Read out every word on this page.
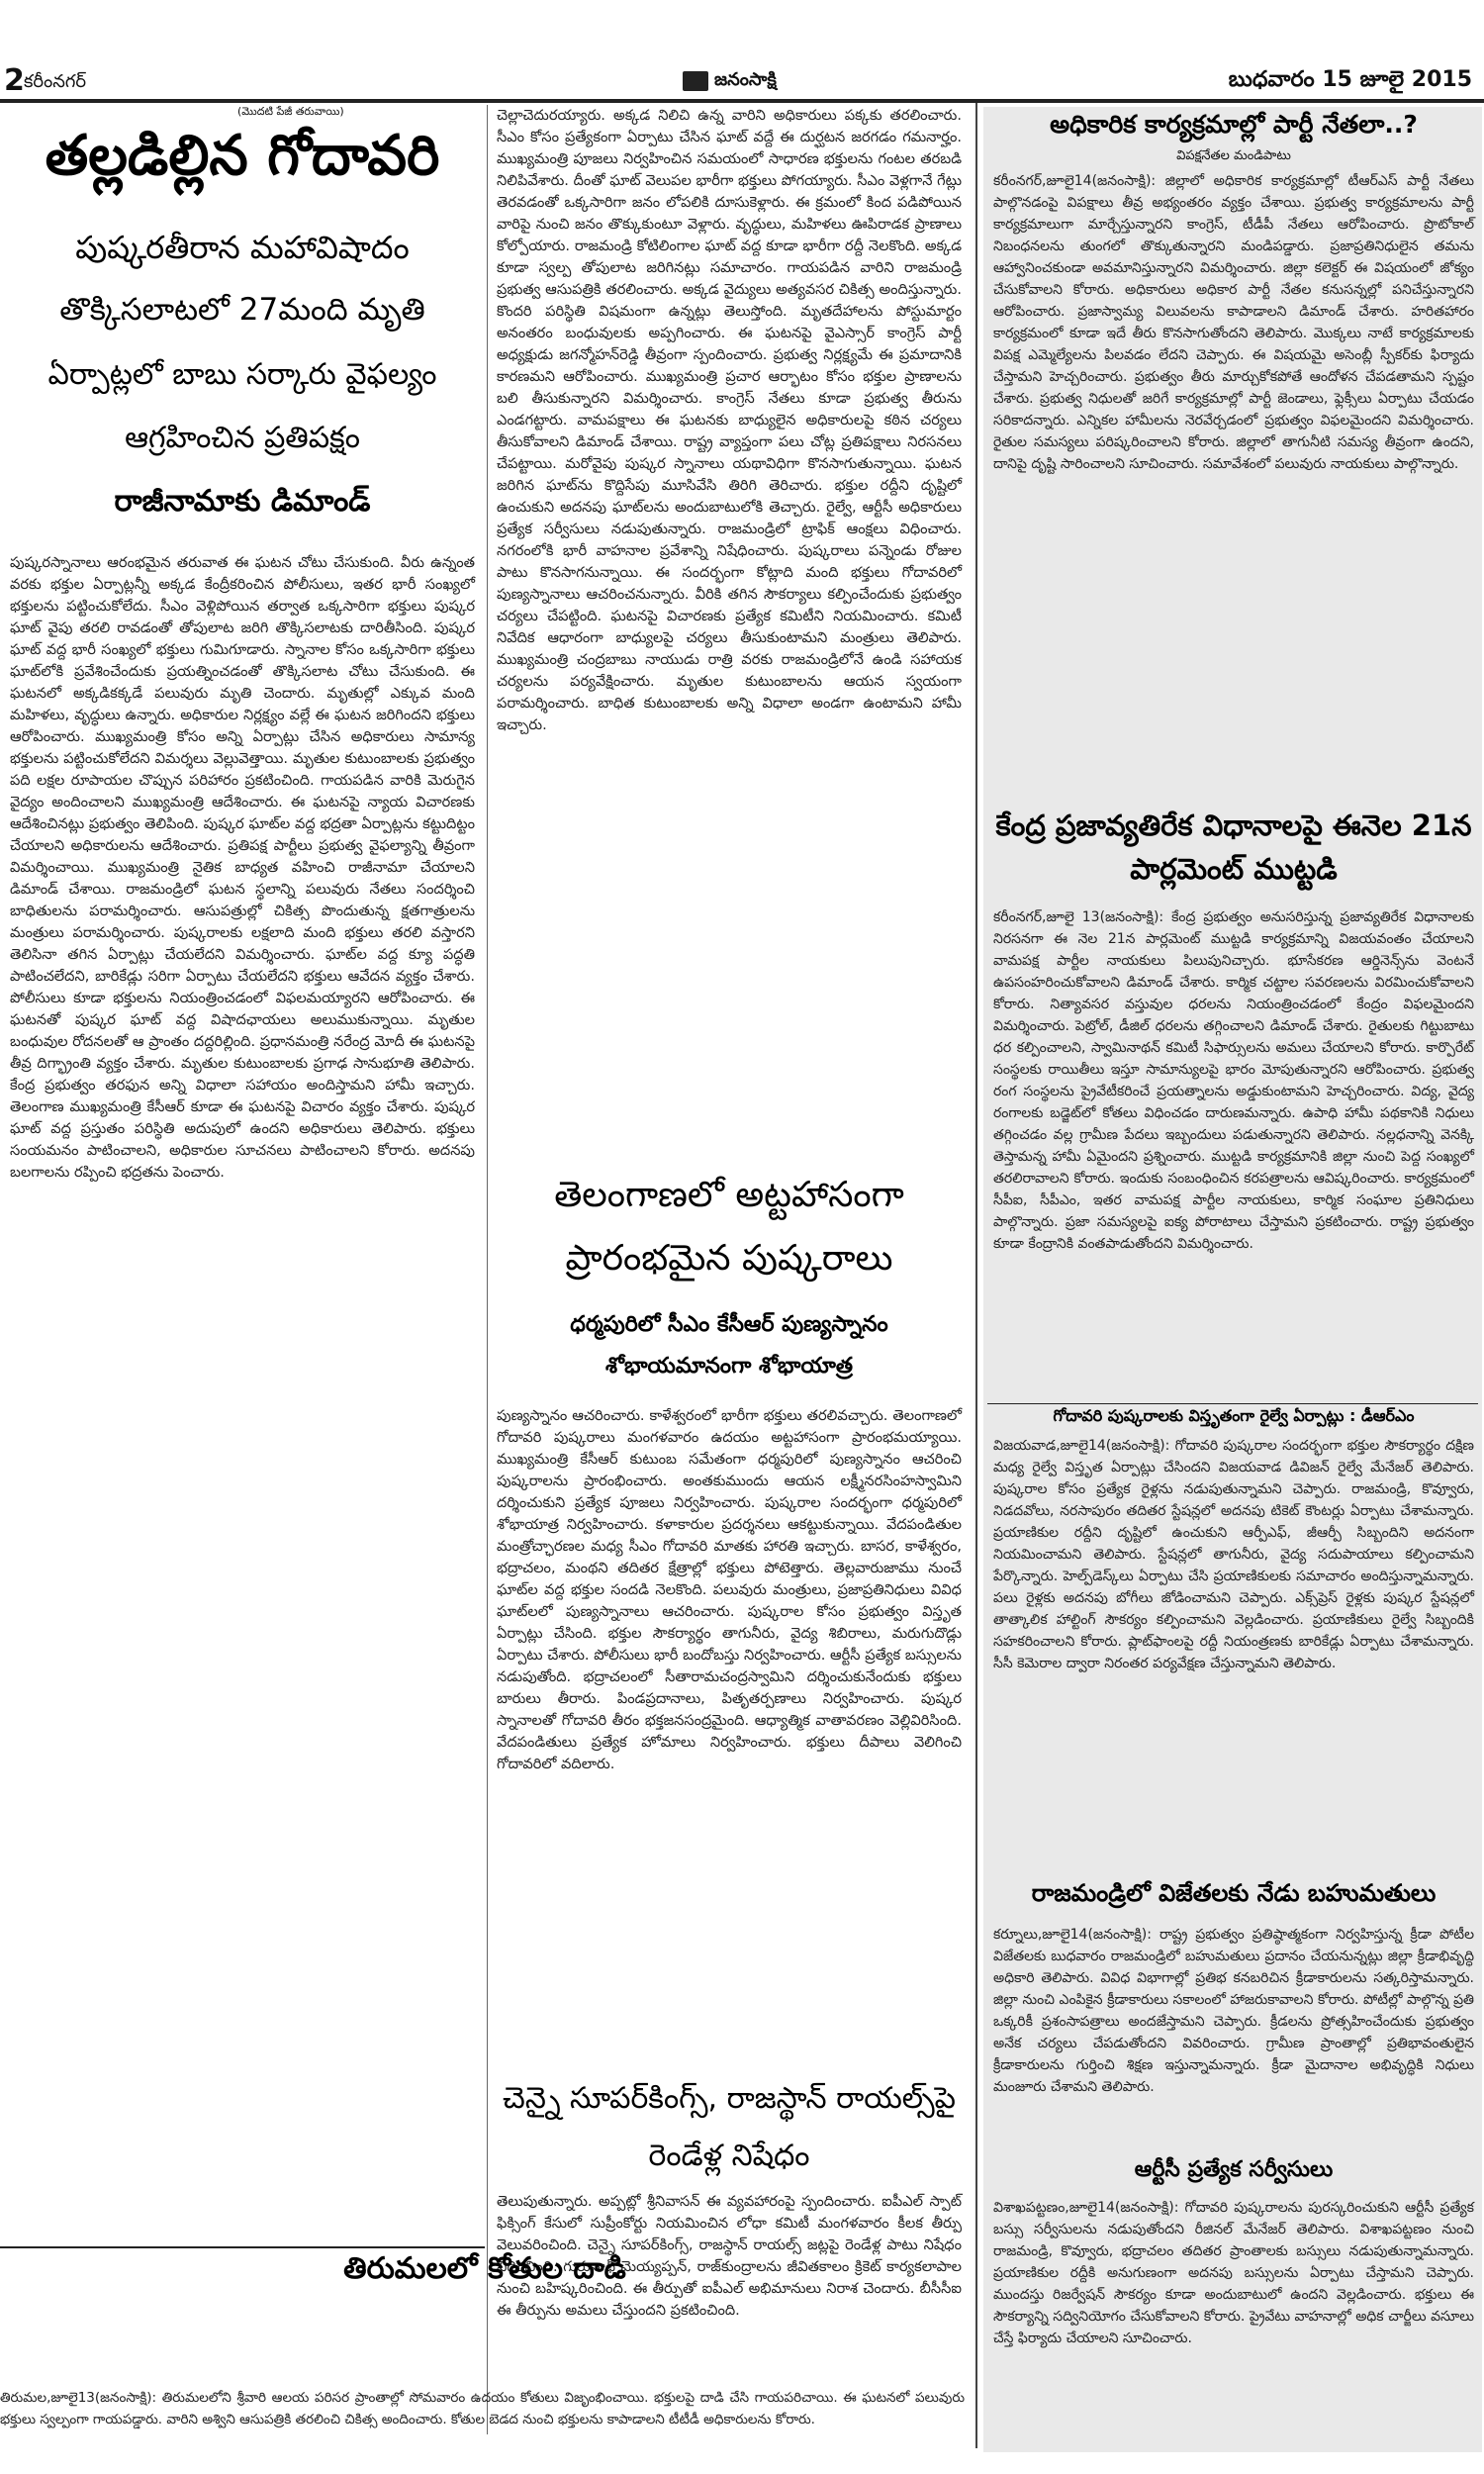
2 కరీంనగర్	జనంసాక్షి	బుధవారం 15 జూలై 2015
(మొదటి పేజీ తరువాయి)
తల్లడిల్లిన గోదావరి
పుష్కరతీరాన మహావిషాదం
తొక్కిసలాటలో 27మంది మృతి
ఏర్పాట్లలో బాబు సర్కారు వైఫల్యం
ఆగ్రహించిన ప్రతిపక్షం
రాజీనామాకు డిమాండ్

పుష్కరస్నానాలు ఆరంభమైన తరువాత ఈ ఘటన చోటు చేసుకుంది. వీరు ఉన్నంత వరకు భక్తుల ఏర్పాట్లన్నీ అక్కడ కేంద్రీకరించిన పోలీసులు, ఇతర భారీ సంఖ్యలో భక్తులను పట్టించుకోలేదు. సీఎం వెళ్లిపోయిన తర్వాత ఒక్కసారిగా భక్తులు పుష్కర ఘాట్‌ వైపు తరలి రావడంతో తోపులాట జరిగి తొక్కిసలాటకు దారితీసింది. పుష్కర ఘాట్‌ వద్ద భారీ సంఖ్యలో భక్తులు గుమిగూడారు. స్నానాల కోసం ఒక్కసారిగా భక్తులు ఘాట్‌లోకి ప్రవేశించేందుకు ప్రయత్నించడంతో తొక్కిసలాట చోటు చేసుకుంది. ఈ ఘటనలో అక్కడికక్కడే పలువురు మృతి చెందారు. మృతుల్లో ఎక్కువ మంది మహిళలు, వృద్ధులు ఉన్నారు. అధికారుల నిర్లక్ష్యం వల్లే ఈ ఘటన జరిగిందని భక్తులు ఆరోపించారు. ముఖ్యమంత్రి కోసం అన్ని ఏర్పాట్లు చేసిన అధికారులు సామాన్య భక్తులను పట్టించుకోలేదని విమర్శలు వెల్లువెత్తాయి. మృతుల కుటుంబాలకు ప్రభుత్వం పది లక్షల రూపాయల చొప్పున పరిహారం ప్రకటించింది. గాయపడిన వారికి మెరుగైన వైద్యం అందించాలని ముఖ్యమంత్రి ఆదేశించారు. ఈ ఘటనపై న్యాయ విచారణకు ఆదేశించినట్లు ప్రభుత్వం తెలిపింది. పుష్కర ఘాట్‌ల వద్ద భద్రతా ఏర్పాట్లను కట్టుదిట్టం చేయాలని అధికారులను ఆదేశించారు. ప్రతిపక్ష పార్టీలు ప్రభుత్వ వైఫల్యాన్ని తీవ్రంగా విమర్శించాయి. ముఖ్యమంత్రి నైతిక బాధ్యత వహించి రాజీనామా చేయాలని డిమాండ్‌ చేశాయి. రాజమండ్రిలో ఘటన స్థలాన్ని పలువురు నేతలు సందర్శించి బాధితులను పరామర్శించారు. ఆసుపత్రుల్లో చికిత్స పొందుతున్న క్షతగాత్రులను మంత్రులు పరామర్శించారు. పుష్కరాలకు లక్షలాది మంది భక్తులు తరలి వస్తారని తెలిసినా తగిన ఏర్పాట్లు చేయలేదని విమర్శించారు. ఘాట్‌ల వద్ద క్యూ పద్ధతి పాటించలేదని, బారికేడ్లు సరిగా ఏర్పాటు చేయలేదని భక్తులు ఆవేదన వ్యక్తం చేశారు. పోలీసులు కూడా భక్తులను నియంత్రించడంలో విఫలమయ్యారని ఆరోపించారు. ఈ ఘటనతో పుష్కర ఘాట్‌ వద్ద విషాదఛాయలు అలుముకున్నాయి. మృతుల బంధువుల రోదనలతో ఆ ప్రాంతం దద్దరిల్లింది. ప్రధానమంత్రి నరేంద్ర మోదీ ఈ ఘటనపై తీవ్ర దిగ్భ్రాంతి వ్యక్తం చేశారు. మృతుల కుటుంబాలకు ప్రగాఢ సానుభూతి తెలిపారు. కేంద్ర ప్రభుత్వం తరఫున అన్ని విధాలా సహాయం అందిస్తామని హామీ ఇచ్చారు. తెలంగాణ ముఖ్యమంత్రి కేసీఆర్‌ కూడా ఈ ఘటనపై విచారం వ్యక్తం చేశారు. పుష్కర ఘాట్‌ వద్ద ప్రస్తుతం పరిస్థితి అదుపులో ఉందని అధికారులు తెలిపారు. భక్తులు సంయమనం పాటించాలని, అధికారుల సూచనలు పాటించాలని కోరారు. అదనపు బలగాలను రప్పించి భద్రతను పెంచారు.

చెల్లాచెదురయ్యారు. అక్కడ నిలిచి ఉన్న వారిని అధికారులు పక్కకు తరలించారు. సీఎం కోసం ప్రత్యేకంగా ఏర్పాటు చేసిన ఘాట్‌ వద్దే ఈ దుర్ఘటన జరగడం గమనార్హం. ముఖ్యమంత్రి పూజలు నిర్వహించిన సమయంలో సాధారణ భక్తులను గంటల తరబడి నిలిపివేశారు. దీంతో ఘాట్‌ వెలుపల భారీగా భక్తులు పోగయ్యారు. సీఎం వెళ్లగానే గేట్లు తెరవడంతో ఒక్కసారిగా జనం లోపలికి దూసుకెళ్లారు. ఈ క్రమంలో కింద పడిపోయిన వారిపై నుంచి జనం తొక్కుకుంటూ వెళ్లారు. వృద్ధులు, మహిళలు ఊపిరాడక ప్రాణాలు కోల్పోయారు. రాజమండ్రి కోటిలింగాల ఘాట్‌ వద్ద కూడా భారీగా రద్దీ నెలకొంది. అక్కడ కూడా స్వల్ప తోపులాట జరిగినట్లు సమాచారం. గాయపడిన వారిని రాజమండ్రి ప్రభుత్వ ఆసుపత్రికి తరలించారు. అక్కడ వైద్యులు అత్యవసర చికిత్స అందిస్తున్నారు. కొందరి పరిస్థితి విషమంగా ఉన్నట్లు తెలుస్తోంది. మృతదేహాలను పోస్టుమార్టం అనంతరం బంధువులకు అప్పగించారు. ఈ ఘటనపై వైఎస్సార్‌ కాంగ్రెస్‌ పార్టీ అధ్యక్షుడు జగన్మోహన్‌రెడ్డి తీవ్రంగా స్పందించారు. ప్రభుత్వ నిర్లక్ష్యమే ఈ ప్రమాదానికి కారణమని ఆరోపించారు. ముఖ్యమంత్రి ప్రచార ఆర్భాటం కోసం భక్తుల ప్రాణాలను బలి తీసుకున్నారని విమర్శించారు. కాంగ్రెస్‌ నేతలు కూడా ప్రభుత్వ తీరును ఎండగట్టారు. వామపక్షాలు ఈ ఘటనకు బాధ్యులైన అధికారులపై కఠిన చర్యలు తీసుకోవాలని డిమాండ్‌ చేశాయి. రాష్ట్ర వ్యాప్తంగా పలు చోట్ల ప్రతిపక్షాలు నిరసనలు చేపట్టాయి. మరోవైపు పుష్కర స్నానాలు యథావిధిగా కొనసాగుతున్నాయి. ఘటన జరిగిన ఘాట్‌ను కొద్దిసేపు మూసివేసి తిరిగి తెరిచారు. భక్తుల రద్దీని దృష్టిలో ఉంచుకుని అదనపు ఘాట్‌లను అందుబాటులోకి తెచ్చారు. రైల్వే, ఆర్టీసీ అధికారులు ప్రత్యేక సర్వీసులు నడుపుతున్నారు. రాజమండ్రిలో ట్రాఫిక్‌ ఆంక్షలు విధించారు. నగరంలోకి భారీ వాహనాల ప్రవేశాన్ని నిషేధించారు. పుష్కరాలు పన్నెండు రోజుల పాటు కొనసాగనున్నాయి. ఈ సందర్భంగా కోట్లాది మంది భక్తులు గోదావరిలో పుణ్యస్నానాలు ఆచరించనున్నారు. వీరికి తగిన సౌకర్యాలు కల్పించేందుకు ప్రభుత్వం చర్యలు చేపట్టింది. ఘటనపై విచారణకు ప్రత్యేక కమిటీని నియమించారు. కమిటీ నివేదిక ఆధారంగా బాధ్యులపై చర్యలు తీసుకుంటామని మంత్రులు తెలిపారు. ముఖ్యమంత్రి చంద్రబాబు నాయుడు రాత్రి వరకు రాజమండ్రిలోనే ఉండి సహాయక చర్యలను పర్యవేక్షించారు. మృతుల కుటుంబాలను ఆయన స్వయంగా పరామర్శించారు. బాధిత కుటుంబాలకు అన్ని విధాలా అండగా ఉంటామని హామీ ఇచ్చారు.

తెలంగాణలో అట్టహాసంగా ప్రారంభమైన పుష్కరాలు
ధర్మపురిలో సీఎం కేసీఆర్‌ పుణ్యస్నానం
శోభాయమానంగా శోభాయాత్ర

పుణ్యస్నానం ఆచరించారు. కాళేశ్వరంలో భారీగా భక్తులు తరలివచ్చారు. తెలంగాణలో గోదావరి పుష్కరాలు మంగళవారం ఉదయం అట్టహాసంగా ప్రారంభమయ్యాయి. ముఖ్యమంత్రి కేసీఆర్‌ కుటుంబ సమేతంగా ధర్మపురిలో పుణ్యస్నానం ఆచరించి పుష్కరాలను ప్రారంభించారు. అంతకుముందు ఆయన లక్ష్మీనరసింహస్వామిని దర్శించుకుని ప్రత్యేక పూజలు నిర్వహించారు. పుష్కరాల సందర్భంగా ధర్మపురిలో శోభాయాత్ర నిర్వహించారు. కళాకారుల ప్రదర్శనలు ఆకట్టుకున్నాయి. వేదపండితుల మంత్రోచ్ఛారణల మధ్య సీఎం గోదావరి మాతకు హారతి ఇచ్చారు. బాసర, కాళేశ్వరం, భద్రాచలం, మంథని తదితర క్షేత్రాల్లో భక్తులు పోటెత్తారు. తెల్లవారుజాము నుంచే ఘాట్‌ల వద్ద భక్తుల సందడి నెలకొంది. పలువురు మంత్రులు, ప్రజాప్రతినిధులు వివిధ ఘాట్‌లలో పుణ్యస్నానాలు ఆచరించారు. పుష్కరాల కోసం ప్రభుత్వం విస్తృత ఏర్పాట్లు చేసింది. భక్తుల సౌకర్యార్థం తాగునీరు, వైద్య శిబిరాలు, మరుగుదొడ్లు ఏర్పాటు చేశారు. పోలీసులు భారీ బందోబస్తు నిర్వహించారు. ఆర్టీసీ ప్రత్యేక బస్సులను నడుపుతోంది. భద్రాచలంలో సీతారామచంద్రస్వామిని దర్శించుకునేందుకు భక్తులు బారులు తీరారు. పిండప్రదానాలు, పితృతర్పణాలు నిర్వహించారు. పుష్కర స్నానాలతో గోదావరి తీరం భక్తజనసంద్రమైంది. ఆధ్యాత్మిక వాతావరణం వెల్లివిరిసింది. వేదపండితులు ప్రత్యేక హోమాలు నిర్వహించారు. భక్తులు దీపాలు వెలిగించి గోదావరిలో వదిలారు.

చెన్నై సూపర్‌కింగ్స్‌, రాజస్థాన్‌ రాయల్స్‌పై రెండేళ్ల నిషేధం

తెలుపుతున్నారు. అప్పట్లో శ్రీనివాసన్‌ ఈ వ్యవహారంపై స్పందించారు. ఐపీఎల్‌ స్పాట్‌ ఫిక్సింగ్‌ కేసులో సుప్రీంకోర్టు నియమించిన లోధా కమిటీ మంగళవారం కీలక తీర్పు వెలువరించింది. చెన్నై సూపర్‌కింగ్స్‌, రాజస్థాన్‌ రాయల్స్‌ జట్లపై రెండేళ్ల పాటు నిషేధం విధించింది. గురునాథ్‌ మెయ్యప్పన్‌, రాజ్‌కుంద్రాలను జీవితకాలం క్రికెట్‌ కార్యకలాపాల నుంచి బహిష్కరించింది. ఈ తీర్పుతో ఐపీఎల్‌ అభిమానులు నిరాశ చెందారు. బీసీసీఐ ఈ తీర్పును అమలు చేస్తుందని ప్రకటించింది.

తిరుమలలో కోతుల దాడి

తిరుమల,జూలై13(జనంసాక్షి): తిరుమలలోని శ్రీవారి ఆలయ పరిసర ప్రాంతాల్లో సోమవారం ఉదయం కోతులు విజృంభించాయి. భక్తులపై దాడి చేసి గాయపరిచాయి. ఈ ఘటనలో పలువురు భక్తులు స్వల్పంగా గాయపడ్డారు. వారిని అశ్విని ఆసుపత్రికి తరలించి చికిత్స అందించారు. కోతుల బెడద నుంచి భక్తులను కాపాడాలని టీటీడీ అధికారులను కోరారు.

అధికారిక కార్యక్రమాల్లో పార్టీ నేతలా..?
విపక్షనేతల మండిపాటు

కరీంనగర్‌,జూలై14(జనంసాక్షి): జిల్లాలో అధికారిక కార్యక్రమాల్లో టీఆర్‌ఎస్‌ పార్టీ నేతలు పాల్గొనడంపై విపక్షాలు తీవ్ర అభ్యంతరం వ్యక్తం చేశాయి. ప్రభుత్వ కార్యక్రమాలను పార్టీ కార్యక్రమాలుగా మార్చేస్తున్నారని కాంగ్రెస్‌, టీడీపీ నేతలు ఆరోపించారు. ప్రొటోకాల్‌ నిబంధనలను తుంగలో తొక్కుతున్నారని మండిపడ్డారు. ప్రజాప్రతినిధులైన తమను ఆహ్వానించకుండా అవమానిస్తున్నారని విమర్శించారు. జిల్లా కలెక్టర్‌ ఈ విషయంలో జోక్యం చేసుకోవాలని కోరారు. అధికారులు అధికార పార్టీ నేతల కనుసన్నల్లో పనిచేస్తున్నారని ఆరోపించారు. ప్రజాస్వామ్య విలువలను కాపాడాలని డిమాండ్‌ చేశారు. హరితహారం కార్యక్రమంలో కూడా ఇదే తీరు కొనసాగుతోందని తెలిపారు. మొక్కలు నాటే కార్యక్రమాలకు విపక్ష ఎమ్మెల్యేలను పిలవడం లేదని చెప్పారు. ఈ విషయమై అసెంబ్లీ స్పీకర్‌కు ఫిర్యాదు చేస్తామని హెచ్చరించారు. ప్రభుత్వం తీరు మార్చుకోకపోతే ఆందోళన చేపడతామని స్పష్టం చేశారు. ప్రభుత్వ నిధులతో జరిగే కార్యక్రమాల్లో పార్టీ జెండాలు, ఫ్లెక్సీలు ఏర్పాటు చేయడం సరికాదన్నారు. ఎన్నికల హామీలను నెరవేర్చడంలో ప్రభుత్వం విఫలమైందని విమర్శించారు. రైతుల సమస్యలు పరిష్కరించాలని కోరారు. జిల్లాలో తాగునీటి సమస్య తీవ్రంగా ఉందని, దానిపై దృష్టి సారించాలని సూచించారు. సమావేశంలో పలువురు నాయకులు పాల్గొన్నారు.

కేంద్ర ప్రజావ్యతిరేక విధానాలపై ఈనెల 21న పార్లమెంట్‌ ముట్టడి

కరీంనగర్‌,జూలై 13(జనంసాక్షి): కేంద్ర ప్రభుత్వం అనుసరిస్తున్న ప్రజావ్యతిరేక విధానాలకు నిరసనగా ఈ నెల 21న పార్లమెంట్‌ ముట్టడి కార్యక్రమాన్ని విజయవంతం చేయాలని వామపక్ష పార్టీల నాయకులు పిలుపునిచ్చారు. భూసేకరణ ఆర్డినెన్స్‌ను వెంటనే ఉపసంహరించుకోవాలని డిమాండ్‌ చేశారు. కార్మిక చట్టాల సవరణలను విరమించుకోవాలని కోరారు. నిత్యావసర వస్తువుల ధరలను నియంత్రించడంలో కేంద్రం విఫలమైందని విమర్శించారు. పెట్రోల్‌, డీజిల్‌ ధరలను తగ్గించాలని డిమాండ్‌ చేశారు. రైతులకు గిట్టుబాటు ధర కల్పించాలని, స్వామినాథన్‌ కమిటీ సిఫార్సులను అమలు చేయాలని కోరారు. కార్పొరేట్‌ సంస్థలకు రాయితీలు ఇస్తూ సామాన్యులపై భారం మోపుతున్నారని ఆరోపించారు. ప్రభుత్వ రంగ సంస్థలను ప్రైవేటీకరించే ప్రయత్నాలను అడ్డుకుంటామని హెచ్చరించారు. విద్య, వైద్య రంగాలకు బడ్జెట్‌లో కోతలు విధించడం దారుణమన్నారు. ఉపాధి హామీ పథకానికి నిధులు తగ్గించడం వల్ల గ్రామీణ పేదలు ఇబ్బందులు పడుతున్నారని తెలిపారు. నల్లధనాన్ని వెనక్కి తెస్తామన్న హామీ ఏమైందని ప్రశ్నించారు. ముట్టడి కార్యక్రమానికి జిల్లా నుంచి పెద్ద సంఖ్యలో తరలిరావాలని కోరారు. ఇందుకు సంబంధించిన కరపత్రాలను ఆవిష్కరించారు. కార్యక్రమంలో సీపీఐ, సీపీఎం, ఇతర వామపక్ష పార్టీల నాయకులు, కార్మిక సంఘాల ప్రతినిధులు పాల్గొన్నారు. ప్రజా సమస్యలపై ఐక్య పోరాటాలు చేస్తామని ప్రకటించారు. రాష్ట్ర ప్రభుత్వం కూడా కేంద్రానికి వంతపాడుతోందని విమర్శించారు.

గోదావరి పుష్కరాలకు విస్తృతంగా రైల్వే ఏర్పాట్లు : డీఆర్‌ఎం

విజయవాడ,జూలై14(జనంసాక్షి): గోదావరి పుష్కరాల సందర్భంగా భక్తుల సౌకర్యార్థం దక్షిణ మధ్య రైల్వే విస్తృత ఏర్పాట్లు చేసిందని విజయవాడ డివిజన్‌ రైల్వే మేనేజర్‌ తెలిపారు. పుష్కరాల కోసం ప్రత్యేక రైళ్లను నడుపుతున్నామని చెప్పారు. రాజమండ్రి, కొవ్వూరు, నిడదవోలు, నరసాపురం తదితర స్టేషన్లలో అదనపు టికెట్‌ కౌంటర్లు ఏర్పాటు చేశామన్నారు. ప్రయాణికుల రద్దీని దృష్టిలో ఉంచుకుని ఆర్పీఎఫ్‌, జీఆర్పీ సిబ్బందిని అదనంగా నియమించామని తెలిపారు. స్టేషన్లలో తాగునీరు, వైద్య సదుపాయాలు కల్పించామని పేర్కొన్నారు. హెల్ప్‌డెస్క్‌లు ఏర్పాటు చేసి ప్రయాణికులకు సమాచారం అందిస్తున్నామన్నారు. పలు రైళ్లకు అదనపు బోగీలు జోడించామని చెప్పారు. ఎక్స్‌ప్రెస్‌ రైళ్లకు పుష్కర స్టేషన్లలో తాత్కాలిక హాల్టింగ్‌ సౌకర్యం కల్పించామని వెల్లడించారు. ప్రయాణికులు రైల్వే సిబ్బందికి సహకరించాలని కోరారు. ప్లాట్‌ఫాంలపై రద్దీ నియంత్రణకు బారికేడ్లు ఏర్పాటు చేశామన్నారు. సీసీ కెమెరాల ద్వారా నిరంతర పర్యవేక్షణ చేస్తున్నామని తెలిపారు.

రాజమండ్రిలో విజేతలకు నేడు బహుమతులు

కర్నూలు,జూలై14(జనంసాక్షి): రాష్ట్ర ప్రభుత్వం ప్రతిష్ఠాత్మకంగా నిర్వహిస్తున్న క్రీడా పోటీల విజేతలకు బుధవారం రాజమండ్రిలో బహుమతులు ప్రదానం చేయనున్నట్లు జిల్లా క్రీడాభివృద్ధి అధికారి తెలిపారు. వివిధ విభాగాల్లో ప్రతిభ కనబరిచిన క్రీడాకారులను సత్కరిస్తామన్నారు. జిల్లా నుంచి ఎంపికైన క్రీడాకారులు సకాలంలో హాజరుకావాలని కోరారు. పోటీల్లో పాల్గొన్న ప్రతి ఒక్కరికీ ప్రశంసాపత్రాలు అందజేస్తామని చెప్పారు. క్రీడలను ప్రోత్సహించేందుకు ప్రభుత్వం అనేక చర్యలు చేపడుతోందని వివరించారు. గ్రామీణ ప్రాంతాల్లో ప్రతిభావంతులైన క్రీడాకారులను గుర్తించి శిక్షణ ఇస్తున్నామన్నారు. క్రీడా మైదానాల అభివృద్ధికి నిధులు మంజూరు చేశామని తెలిపారు.

ఆర్టీసీ ప్రత్యేక సర్వీసులు

విశాఖపట్టణం,జూలై14(జనంసాక్షి): గోదావరి పుష్కరాలను పురస్కరించుకుని ఆర్టీసీ ప్రత్యేక బస్సు సర్వీసులను నడుపుతోందని రీజినల్‌ మేనేజర్‌ తెలిపారు. విశాఖపట్టణం నుంచి రాజమండ్రి, కొవ్వూరు, భద్రాచలం తదితర ప్రాంతాలకు బస్సులు నడుపుతున్నామన్నారు. ప్రయాణికుల రద్దీకి అనుగుణంగా అదనపు బస్సులను ఏర్పాటు చేస్తామని చెప్పారు. ముందస్తు రిజర్వేషన్‌ సౌకర్యం కూడా అందుబాటులో ఉందని వెల్లడించారు. భక్తులు ఈ సౌకర్యాన్ని సద్వినియోగం చేసుకోవాలని కోరారు. ప్రైవేటు వాహనాల్లో అధిక చార్జీలు వసూలు చేస్తే ఫిర్యాదు చేయాలని సూచించారు.
